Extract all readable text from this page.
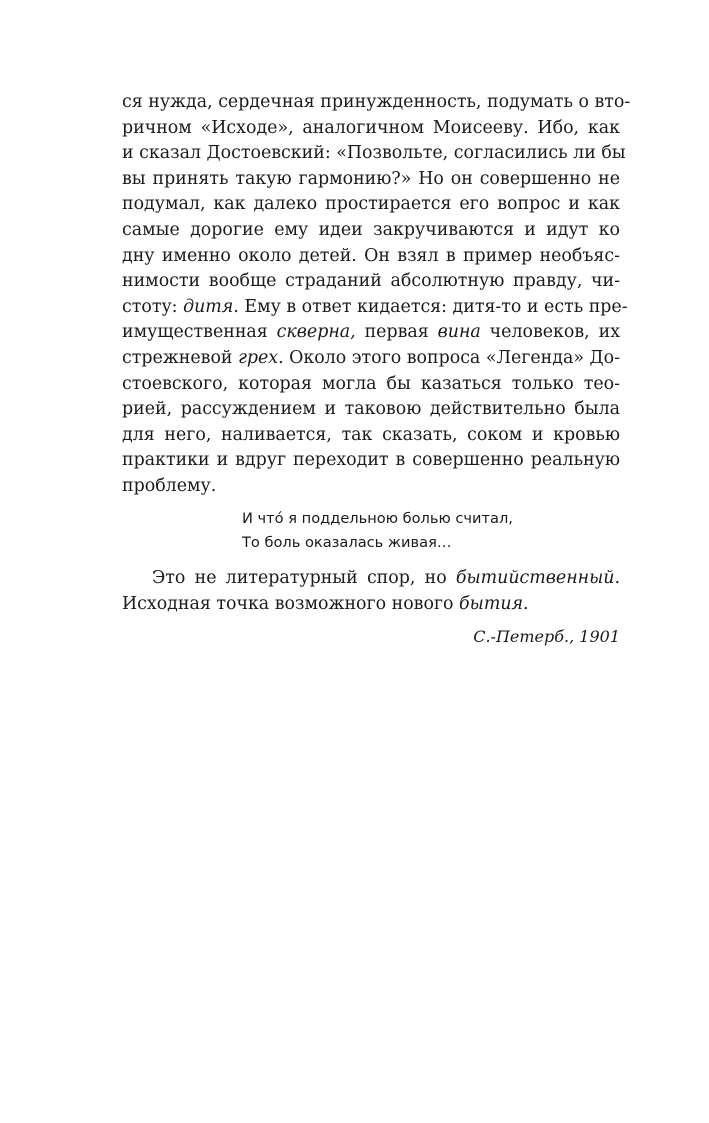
ся нужда, сердечная принужденность, подумать о вто-
ричном «Исходе», аналогичном Моисееву. Ибо, как
и сказал Достоевский: «Позвольте, согласились ли бы
вы принять такую гармонию?» Но он совершенно не
подумал, как далеко простирается его вопрос и как
самые дорогие ему идеи закручиваются и идут ко
дну именно около детей. Он взял в пример необъяс-
нимости вообще страданий абсолютную правду, чи-
стоту: дитя. Ему в ответ кидается: дитя-то и есть пре-
имущественная скверна, первая вина человеков, их
стрежневой грех. Около этого вопроса «Легенда» До-
стоевского, которая могла бы казаться только тео-
рией, рассуждением и таковою действительно была
для него, наливается, так сказать, соком и кровью
практики и вдруг переходит в совершенно реальную
проблему.
И что́ я поддельною болью считал,
То боль оказалась живая…
Это не литературный спор, но бытийственный.
Исходная точка возможного нового бытия.
С.-Петерб., 1901
